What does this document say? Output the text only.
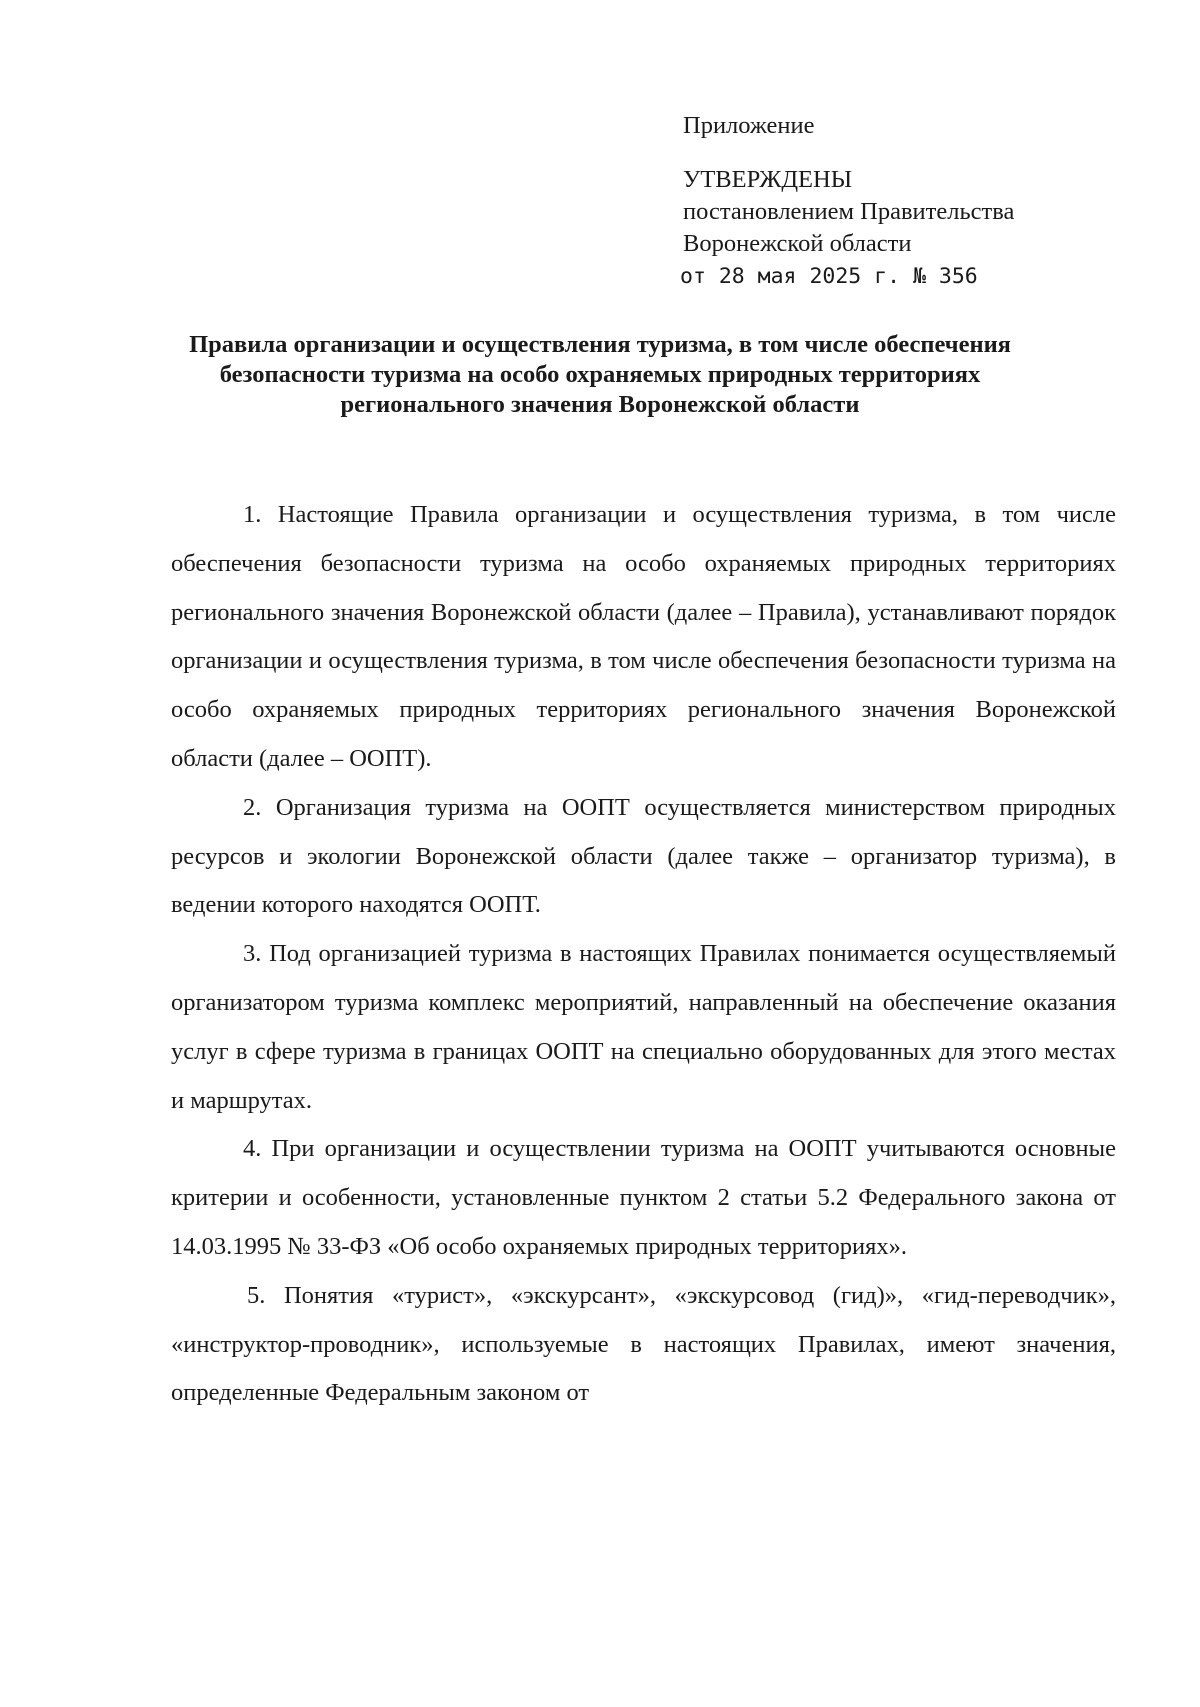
Приложение

УТВЕРЖДЕНЫ

постановлением Правительства

Воронежской области

от 28 мая 2025 г. № 356

Правила организации и осуществления туризма, в том числе обеспечения безопасности туризма на особо охраняемых природных территориях регионального значения Воронежской области

1. Настоящие Правила организации и осуществления туризма, в том числе обеспечения безопасности туризма на особо охраняемых природных территориях регионального значения Воронежской области (далее – Правила), устанавливают порядок организации и осуществления туризма, в том числе обеспечения безопасности туризма на особо охраняемых природных территориях регионального значения Воронежской области (далее – ООПТ).

2. Организация туризма на ООПТ осуществляется министерством природных ресурсов и экологии Воронежской области (далее также – организатор туризма), в ведении которого находятся ООПТ.

3. Под организацией туризма в настоящих Правилах понимается осуществляемый организатором туризма комплекс мероприятий, направленный на обеспечение оказания услуг в сфере туризма в границах ООПТ на специально оборудованных для этого местах и маршрутах.

4. При организации и осуществлении туризма на ООПТ учитываются основные критерии и особенности, установленные пунктом 2 статьи 5.2 Федерального закона от 14.03.1995 № 33-ФЗ «Об особо охраняемых природных территориях».

5. Понятия «турист», «экскурсант», «экскурсовод (гид)», «гид-переводчик», «инструктор-проводник», используемые в настоящих Правилах, имеют значения, определенные Федеральным законом от
